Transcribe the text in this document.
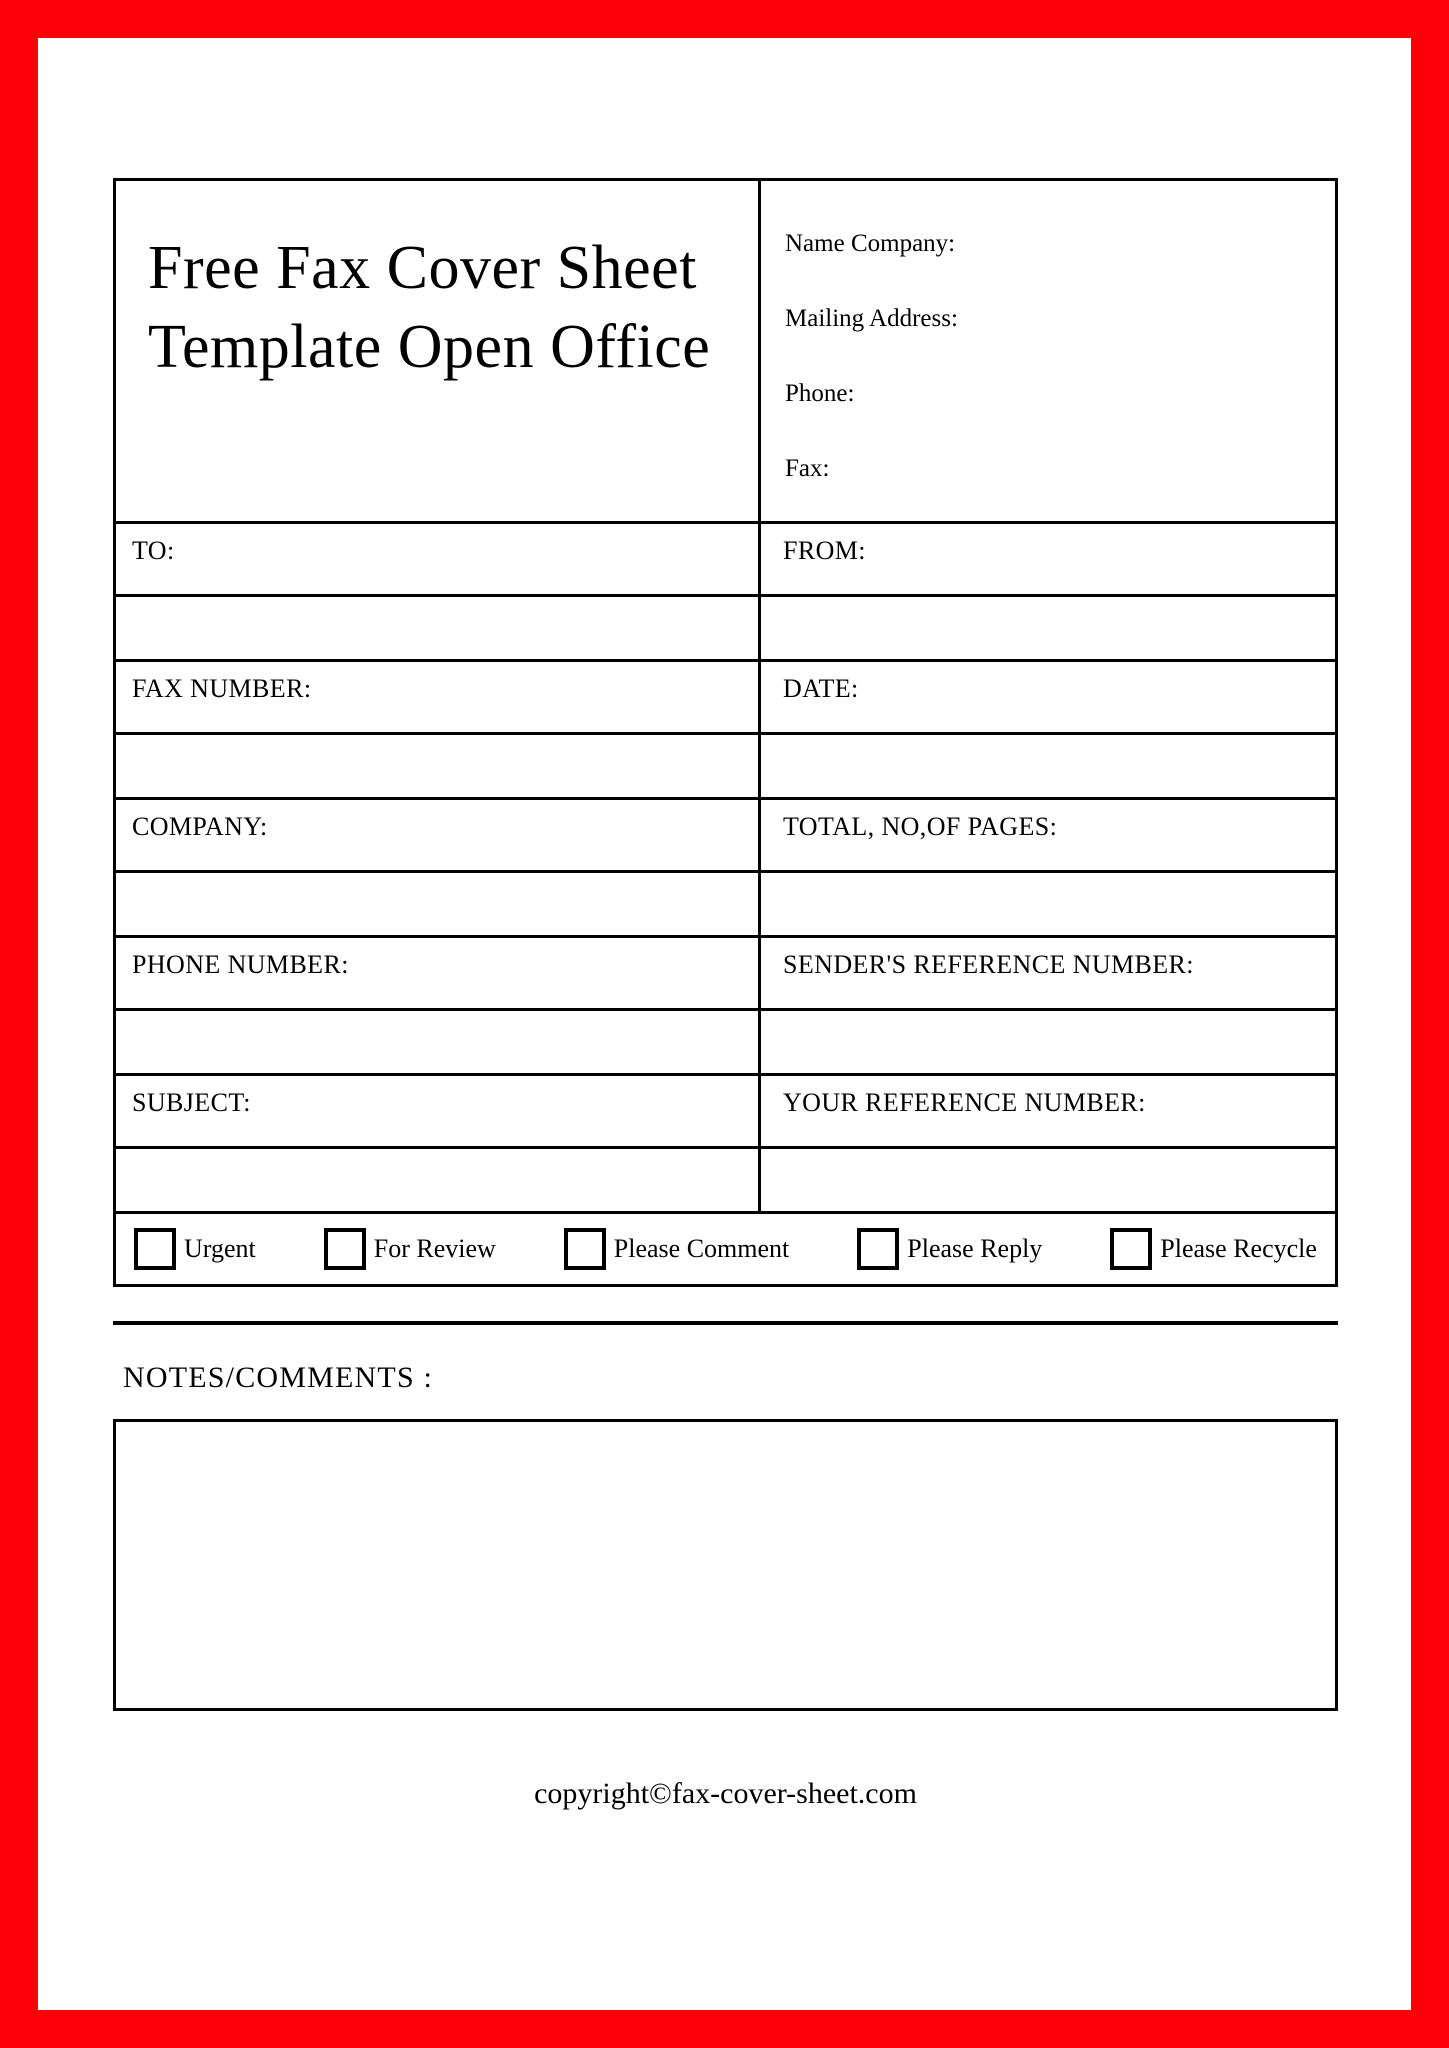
Free Fax Cover Sheet Template Open Office	Name Company:
Mailing Address:
Phone:
Fax:

TO:	FROM:

FAX NUMBER:	DATE:

COMPANY:	TOTAL, NO,OF PAGES:

PHONE NUMBER:	SENDER'S REFERENCE NUMBER:

SUBJECT:	YOUR REFERENCE NUMBER:

Urgent For Review Please Comment Please Reply Please Recycle	
NOTES/COMMENTS :
copyright©fax-cover-sheet.com
